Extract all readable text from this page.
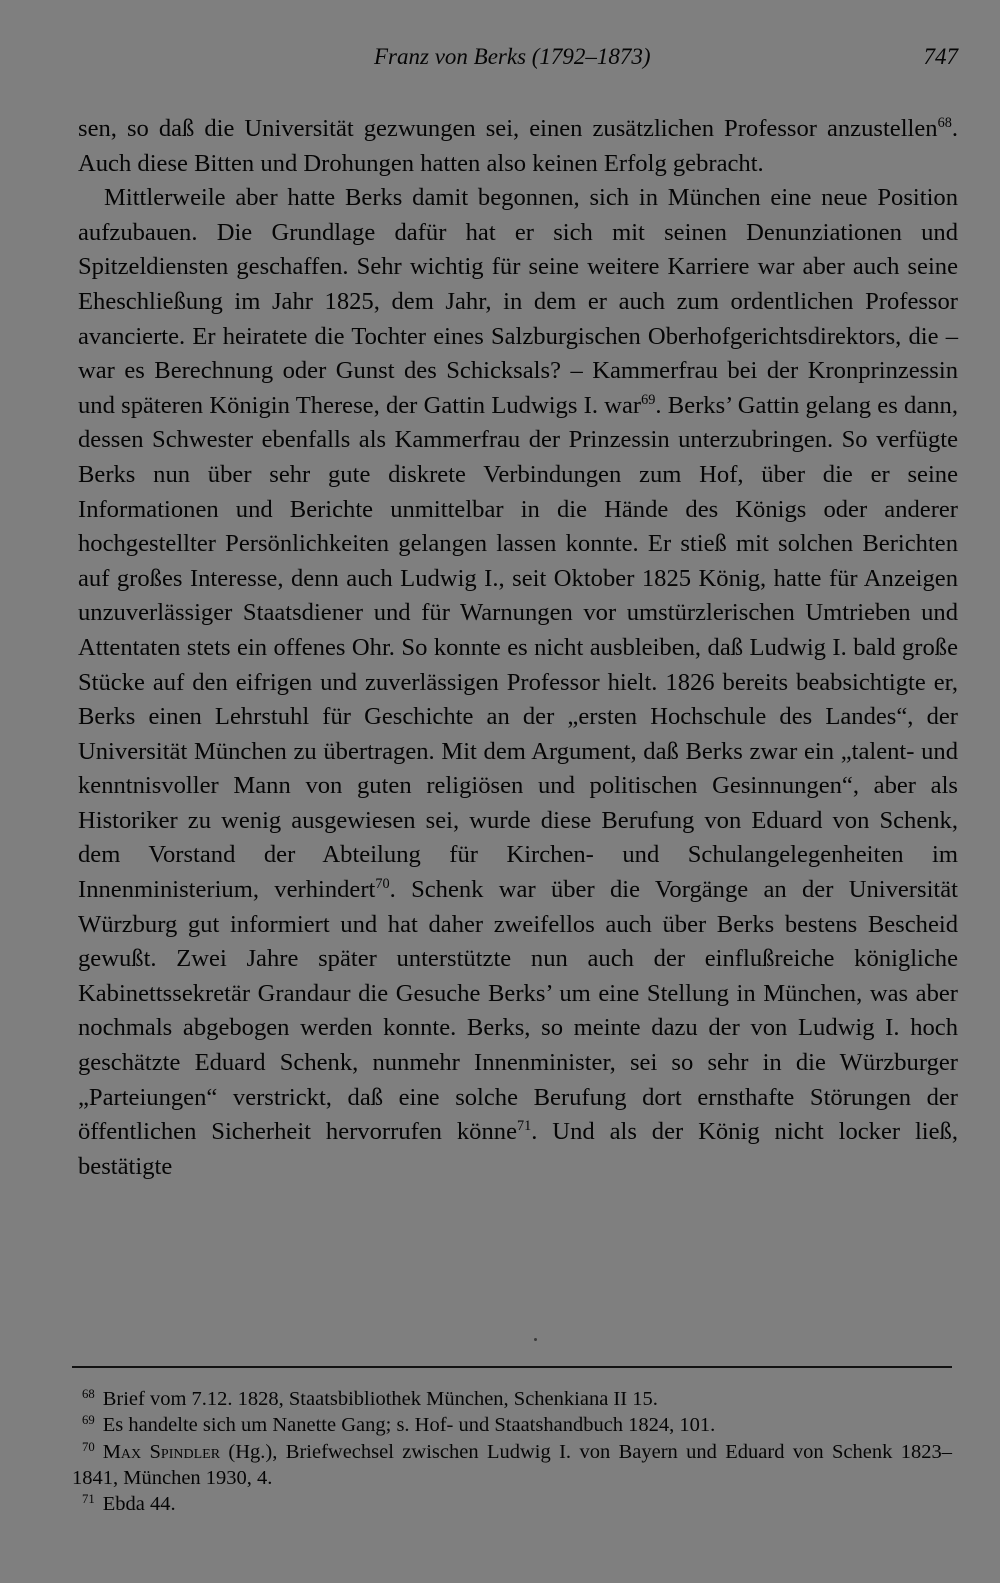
Franz von Berks (1792–1873)	747

sen, so daß die Universität gezwungen sei, einen zusätzlichen Professor anzustellen$^{68}$. Auch diese Bitten und Drohungen hatten also keinen Erfolg gebracht.

Mittlerweile aber hatte Berks damit begonnen, sich in München eine neue Position aufzubauen. Die Grundlage dafür hat er sich mit seinen Denunziationen und Spitzeldiensten geschaffen. Sehr wichtig für seine weitere Karriere war aber auch seine Eheschließung im Jahr 1825, dem Jahr, in dem er auch zum ordentlichen Professor avancierte. Er heiratete die Tochter eines Salzburgischen Oberhofgerichtsdirektors, die – war es Berechnung oder Gunst des Schicksals? – Kammerfrau bei der Kronprinzessin und späteren Königin Therese, der Gattin Ludwigs I. war$^{69}$. Berks’ Gattin gelang es dann, dessen Schwester ebenfalls als Kammerfrau der Prinzessin unterzubringen. So verfügte Berks nun über sehr gute diskrete Verbindungen zum Hof, über die er seine Informationen und Berichte unmittelbar in die Hände des Königs oder anderer hochgestellter Persönlichkeiten gelangen lassen konnte. Er stieß mit solchen Berichten auf großes Interesse, denn auch Ludwig I., seit Oktober 1825 König, hatte für Anzeigen unzuverlässiger Staatsdiener und für Warnungen vor umstürzlerischen Umtrieben und Attentaten stets ein offenes Ohr. So konnte es nicht ausbleiben, daß Ludwig I. bald große Stücke auf den eifrigen und zuverlässigen Professor hielt. 1826 bereits beabsichtigte er, Berks einen Lehrstuhl für Geschichte an der „ersten Hochschule des Landes“, der Universität München zu übertragen. Mit dem Argument, daß Berks zwar ein „talent- und kenntnisvoller Mann von guten religiösen und politischen Gesinnungen“, aber als Historiker zu wenig ausgewiesen sei, wurde diese Berufung von Eduard von Schenk, dem Vorstand der Abteilung für Kirchen- und Schulangelegenheiten im Innenministerium, verhindert$^{70}$. Schenk war über die Vorgänge an der Universität Würzburg gut informiert und hat daher zweifellos auch über Berks bestens Bescheid gewußt. Zwei Jahre später unterstützte nun auch der einflußreiche königliche Kabinettssekretär Grandaur die Gesuche Berks’ um eine Stellung in München, was aber nochmals abgebogen werden konnte. Berks, so meinte dazu der von Ludwig I. hoch geschätzte Eduard Schenk, nunmehr Innenminister, sei so sehr in die Würzburger „Parteiungen“ verstrickt, daß eine solche Berufung dort ernsthafte Störungen der öffentlichen Sicherheit hervorrufen könne$^{71}$. Und als der König nicht locker ließ, bestätigte

$^{68}$ Brief vom 7.12. 1828, Staatsbibliothek München, Schenkiana II 15.

$^{69}$ Es handelte sich um Nanette Gang; s. Hof- und Staatshandbuch 1824, 101.

$^{70}$ Max Spindler (Hg.), Briefwechsel zwischen Ludwig I. von Bayern und Eduard von Schenk 1823–1841, München 1930, 4.

$^{71}$ Ebda 44.
